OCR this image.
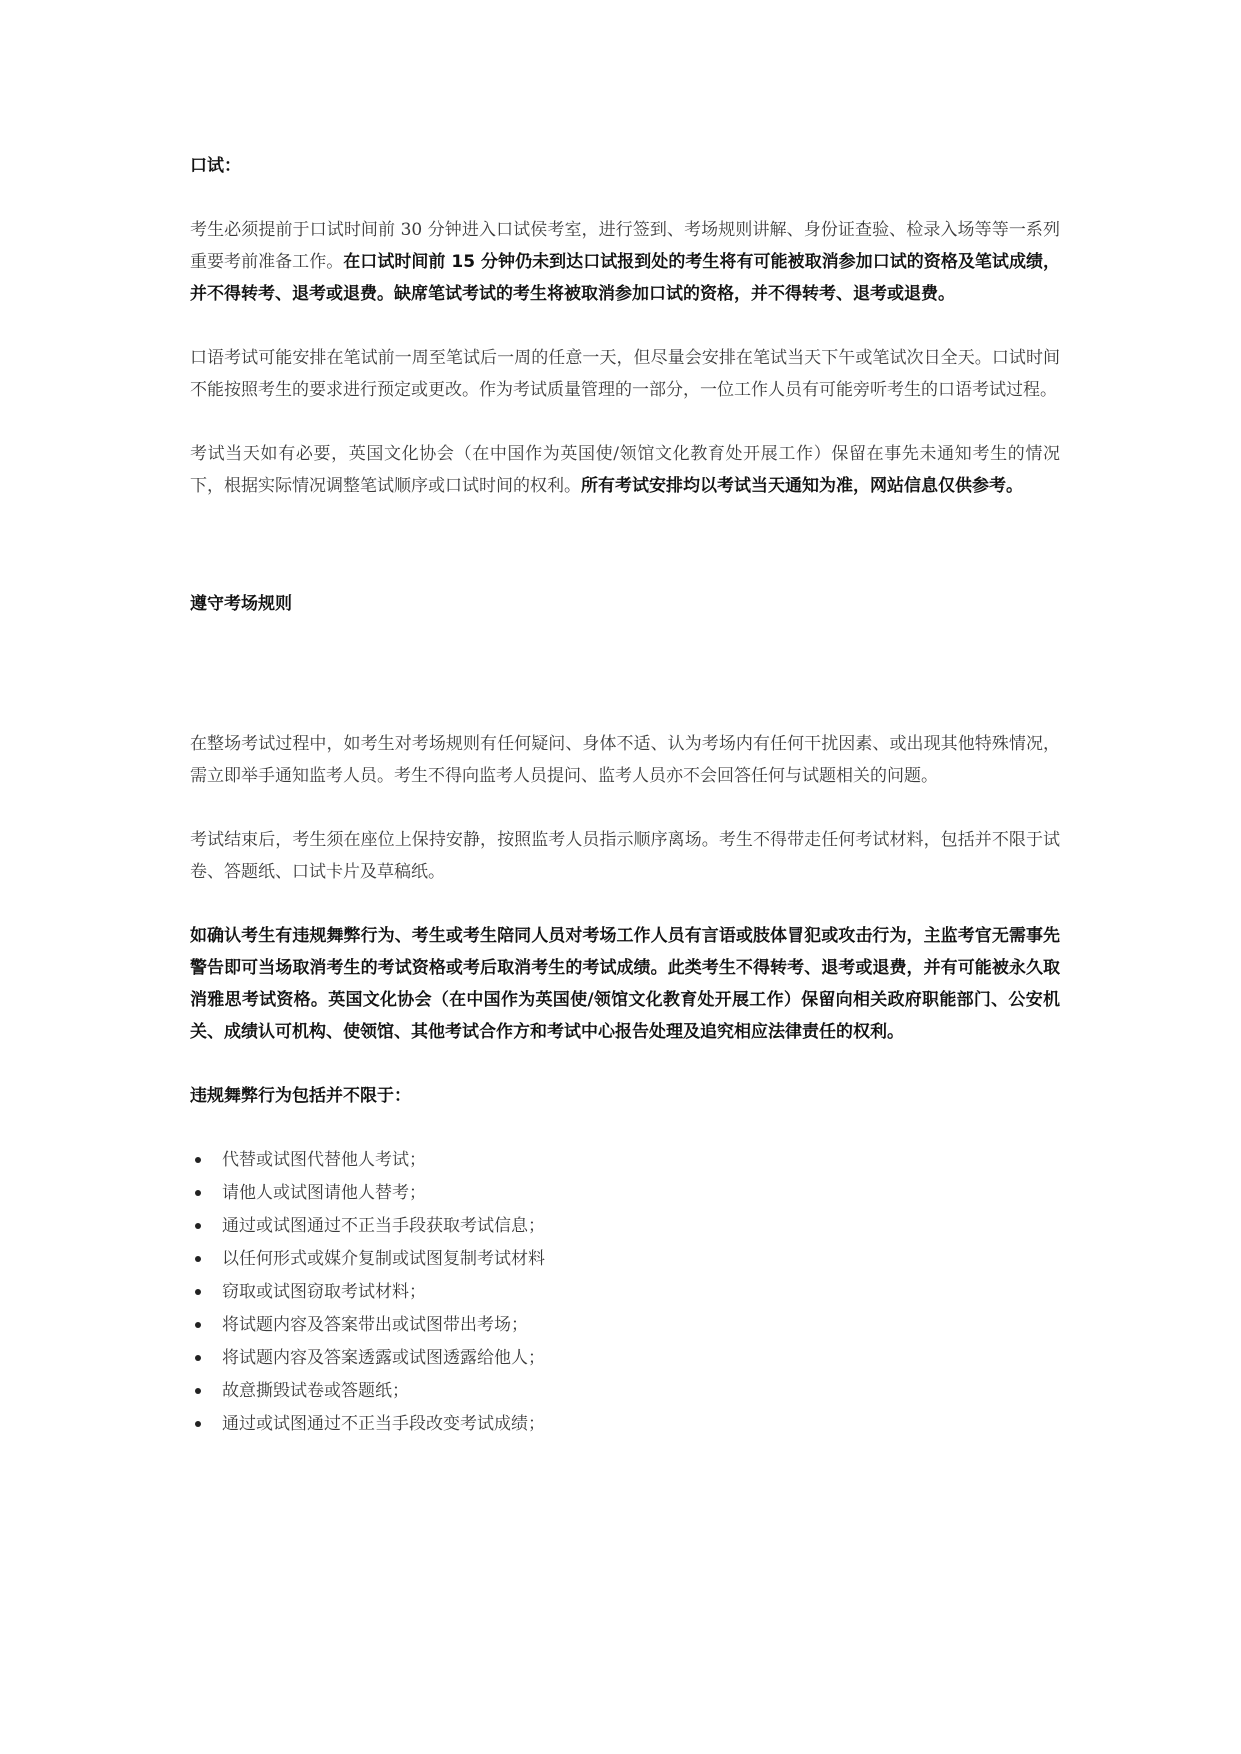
口试：

考生必须提前于口试时间前 30 分钟进入口试侯考室，进行签到、考场规则讲解、身份证查验、检录入场等等一系列重要考前准备工作。在口试时间前 15 分钟仍未到达口试报到处的考生将有可能被取消参加口试的资格及笔试成绩，并不得转考、退考或退费。缺席笔试考试的考生将被取消参加口试的资格，并不得转考、退考或退费。

口语考试可能安排在笔试前一周至笔试后一周的任意一天，但尽量会安排在笔试当天下午或笔试次日全天。口试时间不能按照考生的要求进行预定或更改。作为考试质量管理的一部分，一位工作人员有可能旁听考生的口语考试过程。

考试当天如有必要，英国文化协会（在中国作为英国使/领馆文化教育处开展工作）保留在事先未通知考生的情况下，根据实际情况调整笔试顺序或口试时间的权利。所有考试安排均以考试当天通知为准，网站信息仅供参考。

遵守考场规则

在整场考试过程中，如考生对考场规则有任何疑问、身体不适、认为考场内有任何干扰因素、或出现其他特殊情况，需立即举手通知监考人员。考生不得向监考人员提问、监考人员亦不会回答任何与试题相关的问题。

考试结束后，考生须在座位上保持安静，按照监考人员指示顺序离场。考生不得带走任何考试材料，包括并不限于试卷、答题纸、口试卡片及草稿纸。

如确认考生有违规舞弊行为、考生或考生陪同人员对考场工作人员有言语或肢体冒犯或攻击行为，主监考官无需事先警告即可当场取消考生的考试资格或考后取消考生的考试成绩。此类考生不得转考、退考或退费，并有可能被永久取消雅思考试资格。英国文化协会（在中国作为英国使/领馆文化教育处开展工作）保留向相关政府职能部门、公安机关、成绩认可机构、使领馆、其他考试合作方和考试中心报告处理及追究相应法律责任的权利。

违规舞弊行为包括并不限于：

代替或试图代替他人考试；
请他人或试图请他人替考；
通过或试图通过不正当手段获取考试信息；
以任何形式或媒介复制或试图复制考试材料
窃取或试图窃取考试材料；
将试题内容及答案带出或试图带出考场；
将试题内容及答案透露或试图透露给他人；
故意撕毁试卷或答题纸；
通过或试图通过不正当手段改变考试成绩；
